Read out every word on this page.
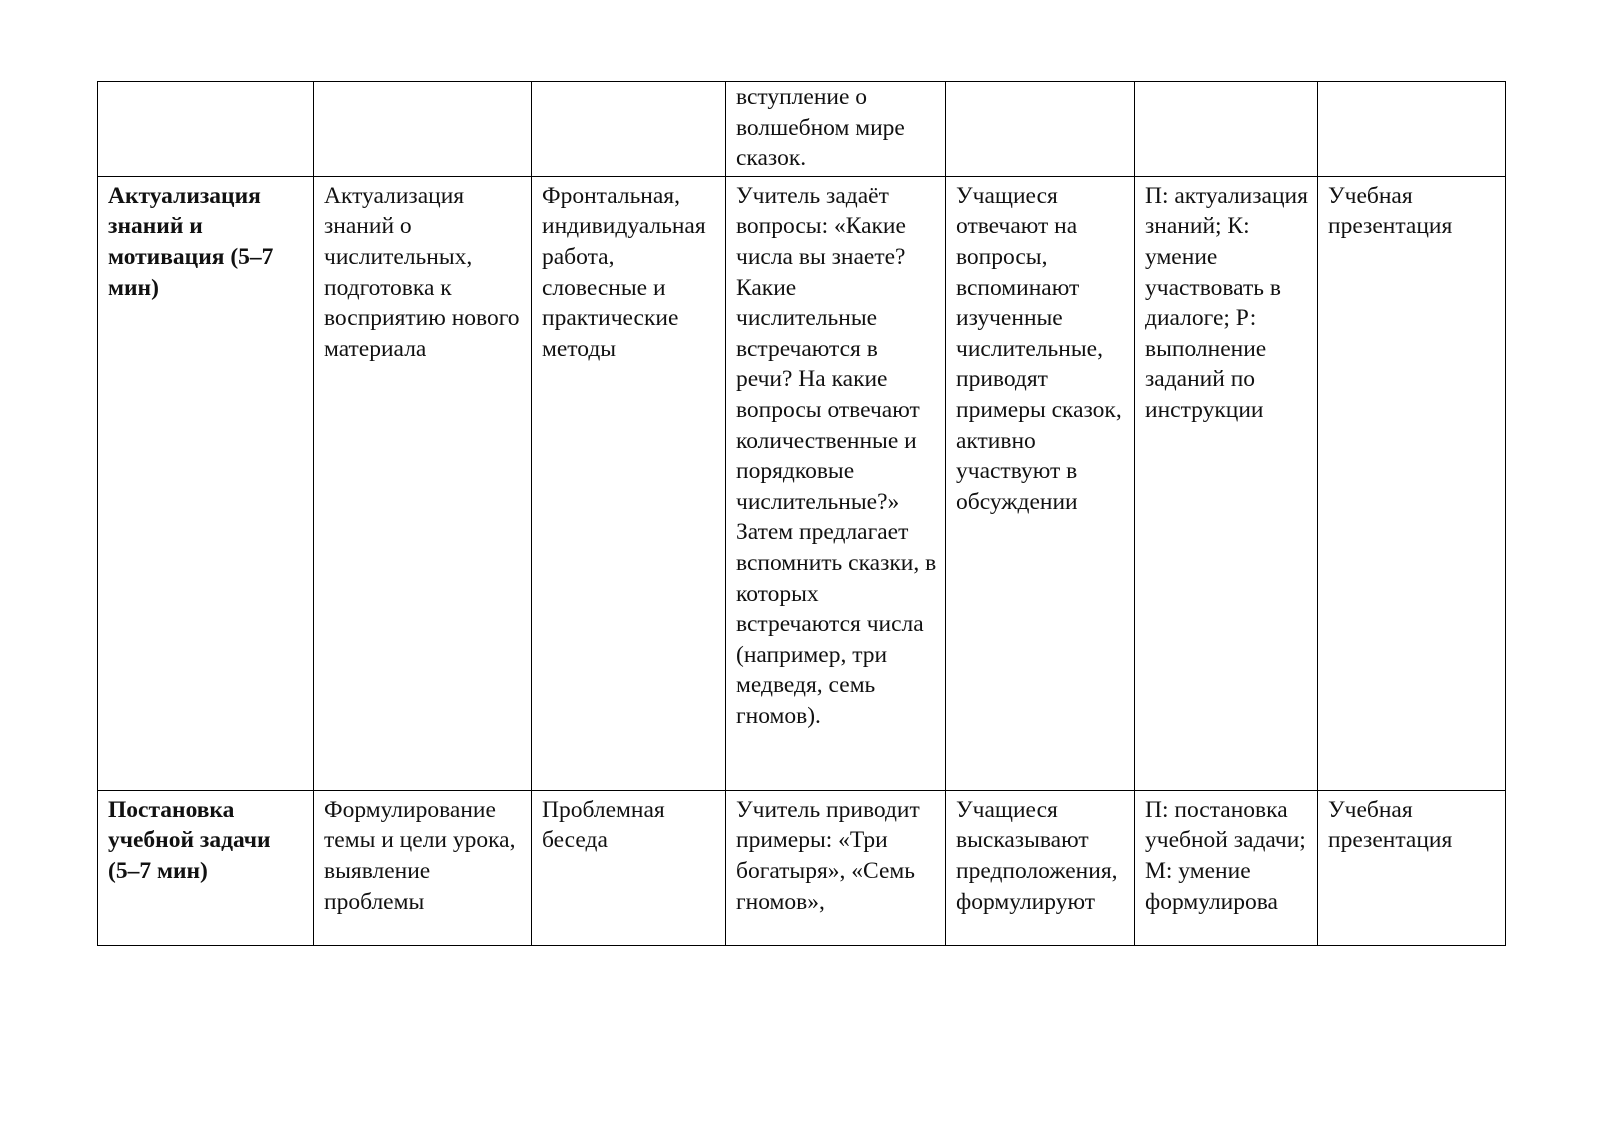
			вступление о волшебном мире сказок.			

Актуализация знаний и мотивация (5–7 мин)	Актуализация знаний о числительных, подготовка к восприятию нового материала	Фронтальная, индивидуальная работа, словесные и практические методы	Учитель задаёт вопросы: «Какие числа вы знаете? Какие числительные встречаются в речи? На какие вопросы отвечают количественные и порядковые числительные?» Затем предлагает вспомнить сказки, в которых встречаются числа (например, три медведя, семь гномов).	Учащиеся отвечают на вопросы, вспоминают изученные числительные, приводят примеры сказок, активно участвуют в обсуждении	П: актуализация знаний; К: умение участвовать в диалоге; Р: выполнение заданий по инструкции	Учебная презентация

Постановка учебной задачи (5–7 мин)	Формулирование темы и цели урока, выявление проблемы	Проблемная беседа	Учитель приводит примеры: «Три богатыря», «Семь гномов»,	Учащиеся высказывают предположения, формулируют	П: постановка учебной задачи; М: умение формулирова	Учебная презентация
